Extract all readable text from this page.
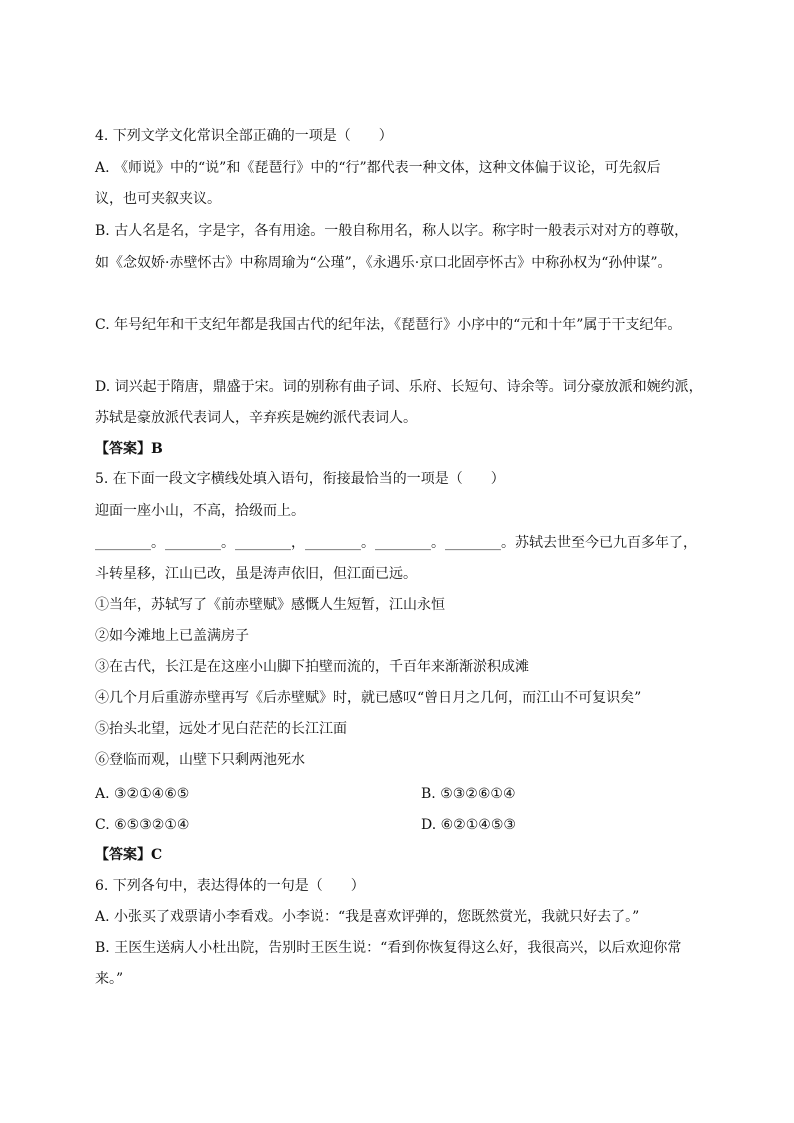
4. 下列文学文化常识全部正确的一项是（　　）
A. 《师说》中的“说”和《琵琶行》中的“行”都代表一种文体，这种文体偏于议论，可先叙后
议，也可夹叙夹议。
B. 古人名是名，字是字，各有用途。一般自称用名，称人以字。称字时一般表示对对方的尊敬，
如《念奴娇·赤壁怀古》中称周瑜为“公瑾”，《永遇乐·京口北固亭怀古》中称孙权为“孙仲谋”。
C. 年号纪年和干支纪年都是我国古代的纪年法，《琵琶行》小序中的“元和十年”属于干支纪年。
D. 词兴起于隋唐，鼎盛于宋。词的别称有曲子词、乐府、长短句、诗余等。词分豪放派和婉约派，
苏轼是豪放派代表词人，辛弃疾是婉约派代表词人。
【答案】B
5. 在下面一段文字横线处填入语句，衔接最恰当的一项是（　　）
迎面一座小山，不高，拾级而上。
________。________。________，________。________。________。苏轼去世至今已九百多年了，
斗转星移，江山已改，虽是涛声依旧，但江面已远。
①当年，苏轼写了《前赤壁赋》感慨人生短暂，江山永恒
②如今滩地上已盖满房子
③在古代，长江是在这座小山脚下拍壁而流的，千百年来渐渐淤积成滩
④几个月后重游赤壁再写《后赤壁赋》时，就已感叹“曾日月之几何，而江山不可复识矣”
⑤抬头北望，远处才见白茫茫的长江江面
⑥登临而观，山壁下只剩两池死水
A. ③②①④⑥⑤	B. ⑤③②⑥①④
C. ⑥⑤③②①④	D. ⑥②①④⑤③
【答案】C
6. 下列各句中，表达得体的一句是（　　）
A. 小张买了戏票请小李看戏。小李说：“我是喜欢评弹的，您既然赏光，我就只好去了。”
B. 王医生送病人小杜出院，告别时王医生说：“看到你恢复得这么好，我很高兴，以后欢迎你常
来。”
